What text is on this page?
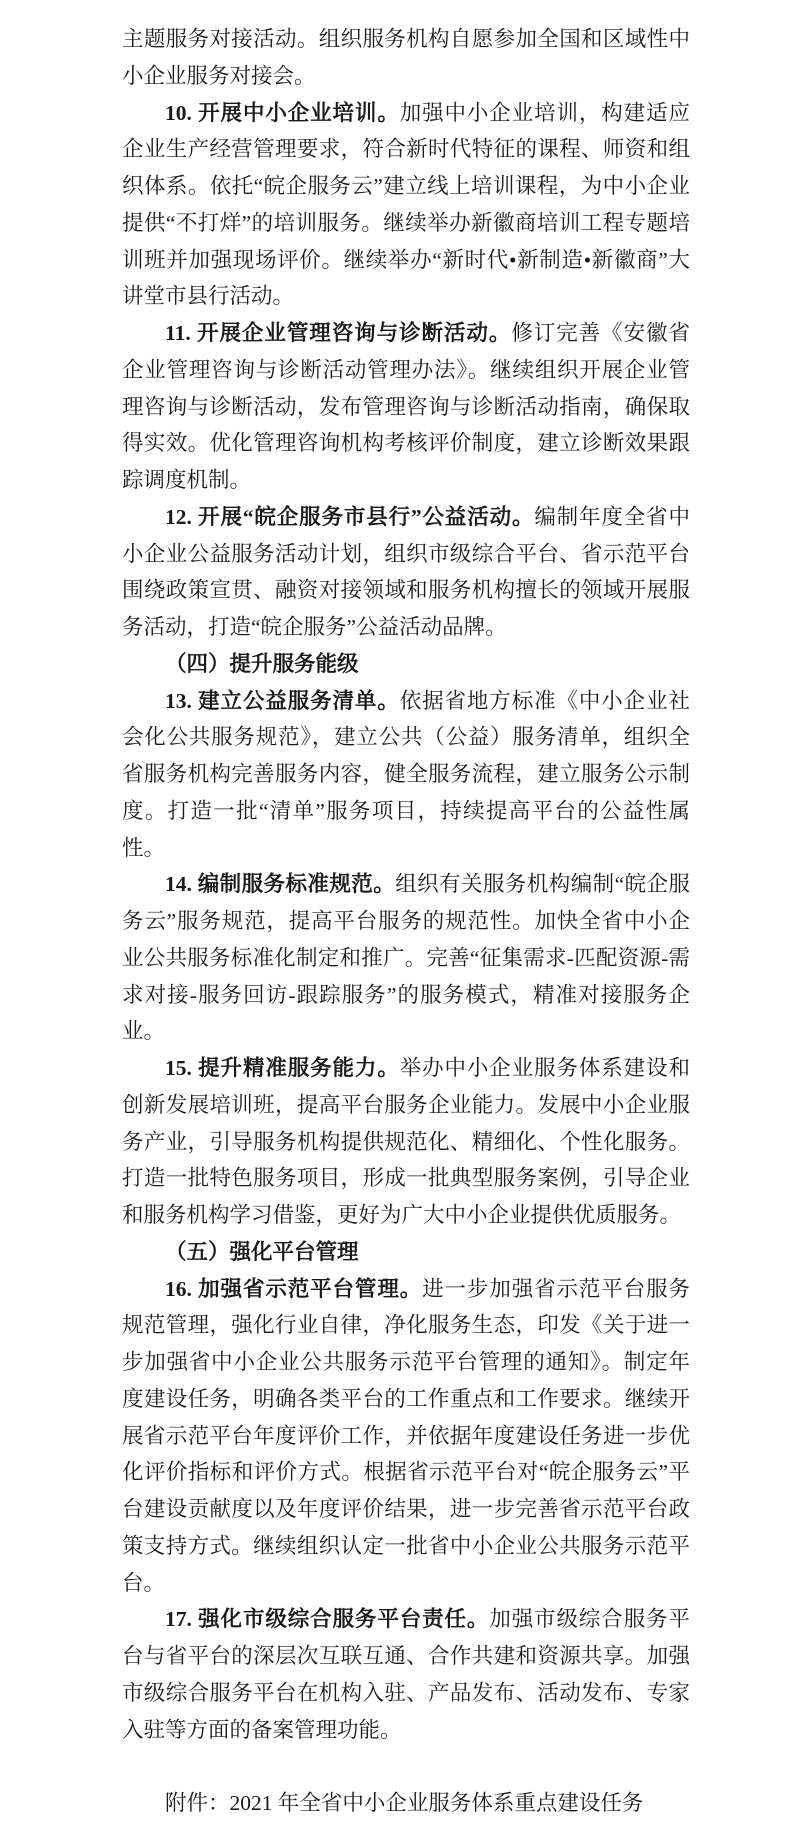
主题服务对接活动。组织服务机构自愿参加全国和区域性中小企业服务对接会。

10. 开展中小企业培训。加强中小企业培训，构建适应企业生产经营管理要求，符合新时代特征的课程、师资和组织体系。依托“皖企服务云”建立线上培训课程，为中小企业提供“不打烊”的培训服务。继续举办新徽商培训工程专题培训班并加强现场评价。继续举办“新时代•新制造•新徽商”大讲堂市县行活动。

11. 开展企业管理咨询与诊断活动。修订完善《安徽省企业管理咨询与诊断活动管理办法》。继续组织开展企业管理咨询与诊断活动，发布管理咨询与诊断活动指南，确保取得实效。优化管理咨询机构考核评价制度，建立诊断效果跟踪调度机制。

12. 开展“皖企服务市县行”公益活动。编制年度全省中小企业公益服务活动计划，组织市级综合平台、省示范平台围绕政策宣贯、融资对接领域和服务机构擅长的领域开展服务活动，打造“皖企服务”公益活动品牌。

（四）提升服务能级

13. 建立公益服务清单。依据省地方标准《中小企业社会化公共服务规范》，建立公共（公益）服务清单，组织全省服务机构完善服务内容，健全服务流程，建立服务公示制度。打造一批“清单”服务项目，持续提高平台的公益性属性。

14. 编制服务标准规范。组织有关服务机构编制“皖企服务云”服务规范，提高平台服务的规范性。加快全省中小企业公共服务标准化制定和推广。完善“征集需求-匹配资源-需求对接-服务回访-跟踪服务”的服务模式，精准对接服务企业。

15. 提升精准服务能力。举办中小企业服务体系建设和创新发展培训班，提高平台服务企业能力。发展中小企业服务产业，引导服务机构提供规范化、精细化、个性化服务。打造一批特色服务项目，形成一批典型服务案例，引导企业和服务机构学习借鉴，更好为广大中小企业提供优质服务。

（五）强化平台管理

16. 加强省示范平台管理。进一步加强省示范平台服务规范管理，强化行业自律，净化服务生态，印发《关于进一步加强省中小企业公共服务示范平台管理的通知》。制定年度建设任务，明确各类平台的工作重点和工作要求。继续开展省示范平台年度评价工作，并依据年度建设任务进一步优化评价指标和评价方式。根据省示范平台对“皖企服务云”平台建设贡献度以及年度评价结果，进一步完善省示范平台政策支持方式。继续组织认定一批省中小企业公共服务示范平台。

17. 强化市级综合服务平台责任。加强市级综合服务平台与省平台的深层次互联互通、合作共建和资源共享。加强市级综合服务平台在机构入驻、产品发布、活动发布、专家入驻等方面的备案管理功能。

附件：2021 年全省中小企业服务体系重点建设任务
